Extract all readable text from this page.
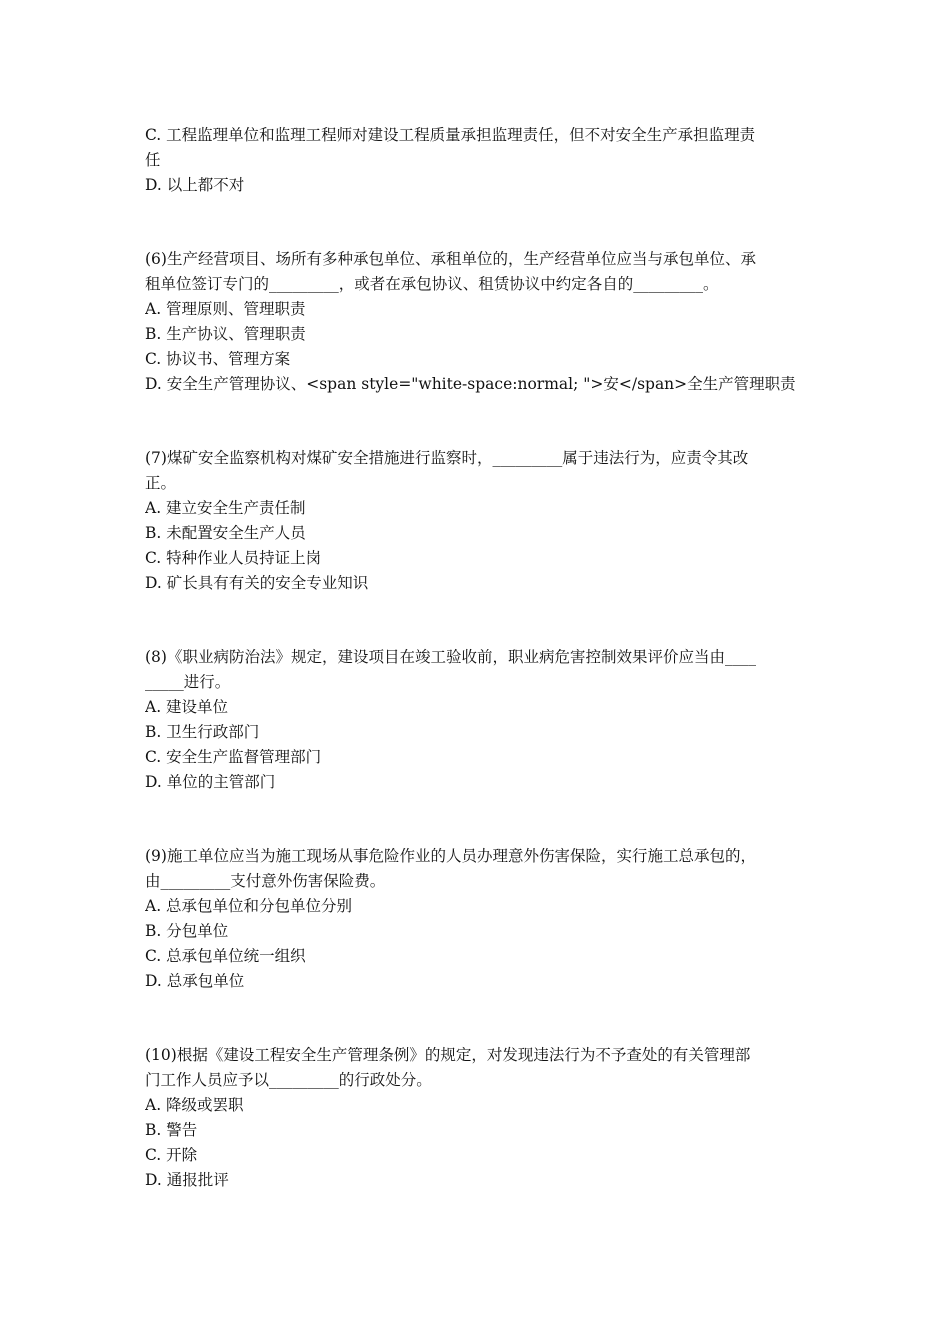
C. 工程监理单位和监理工程师对建设工程质量承担监理责任，但不对安全生产承担监理责
任
D. 以上都不对
(6)生产经营项目、场所有多种承包单位、承租单位的，生产经营单位应当与承包单位、承
租单位签订专门的_________，或者在承包协议、租赁协议中约定各自的_________。
A. 管理原则、管理职责
B. 生产协议、管理职责
C. 协议书、管理方案
D. 安全生产管理协议、<span style="white-space:normal; ">安</span>全生产管理职责
(7)煤矿安全监察机构对煤矿安全措施进行监察时，_________属于违法行为，应责令其改
正。
A. 建立安全生产责任制
B. 未配置安全生产人员
C. 特种作业人员持证上岗
D. 矿长具有有关的安全专业知识
(8)《职业病防治法》规定，建设项目在竣工验收前，职业病危害控制效果评价应当由____
_____进行。
A. 建设单位
B. 卫生行政部门
C. 安全生产监督管理部门
D. 单位的主管部门
(9)施工单位应当为施工现场从事危险作业的人员办理意外伤害保险，实行施工总承包的，
由_________支付意外伤害保险费。
A. 总承包单位和分包单位分别
B. 分包单位
C. 总承包单位统一组织
D. 总承包单位
(10)根据《建设工程安全生产管理条例》的规定，对发现违法行为不予查处的有关管理部
门工作人员应予以_________的行政处分。
A. 降级或罢职
B. 警告
C. 开除
D. 通报批评
